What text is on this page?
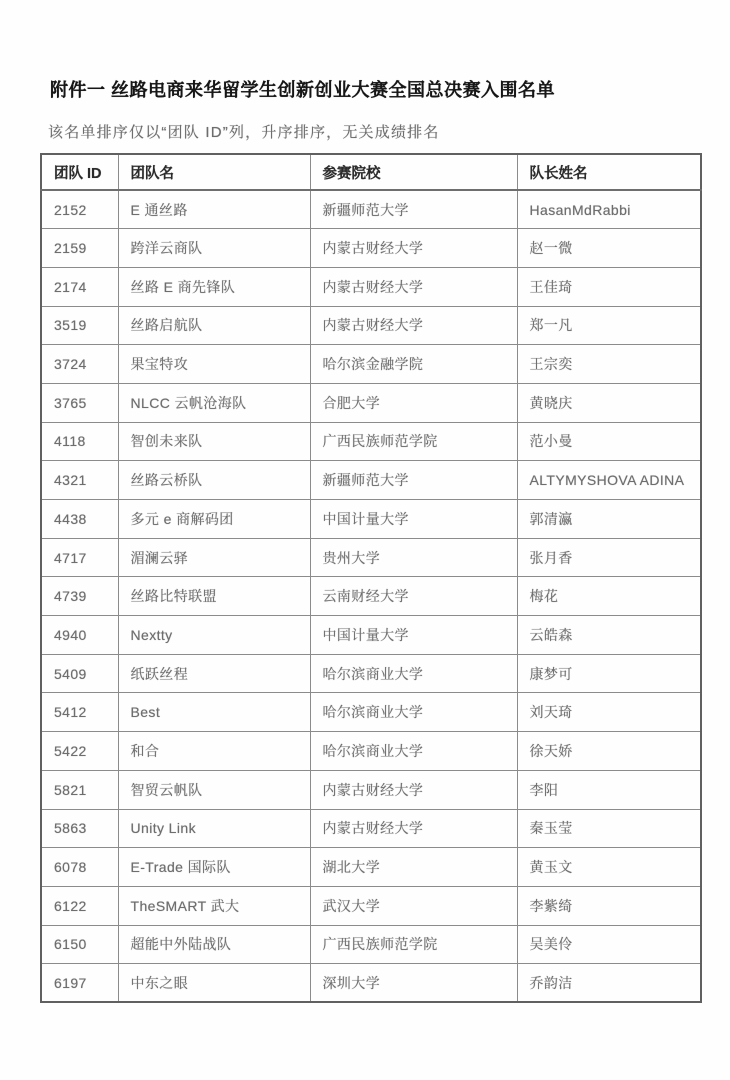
附件一 丝路电商来华留学生创新创业大赛全国总决赛入围名单

该名单排序仅以“团队 ID”列，升序排序，无关成绩排名

团队 ID	团队名	参赛院校	队长姓名
2152	E 通丝路	新疆师范大学	HasanMdRabbi
2159	跨洋云商队	内蒙古财经大学	赵一微
2174	丝路 E 商先锋队	内蒙古财经大学	王佳琦
3519	丝路启航队	内蒙古财经大学	郑一凡
3724	果宝特攻	哈尔滨金融学院	王宗奕
3765	NLCC 云帆沧海队	合肥大学	黄晓庆
4118	智创未来队	广西民族师范学院	范小曼
4321	丝路云桥队	新疆师范大学	ALTYMYSHOVA ADINA
4438	多元 e 商解码团	中国计量大学	郭清瀛
4717	湄澜云驿	贵州大学	张月香
4739	丝路比特联盟	云南财经大学	梅花
4940	Nextty	中国计量大学	云皓森
5409	纸跃丝程	哈尔滨商业大学	康梦可
5412	Best	哈尔滨商业大学	刘天琦
5422	和合	哈尔滨商业大学	徐天娇
5821	智贸云帆队	内蒙古财经大学	李阳
5863	Unity Link	内蒙古财经大学	秦玉莹
6078	E-Trade 国际队	湖北大学	黄玉文
6122	TheSMART 武大	武汉大学	李紫绮
6150	超能中外陆战队	广西民族师范学院	吴美伶
6197	中东之眼	深圳大学	乔韵洁
